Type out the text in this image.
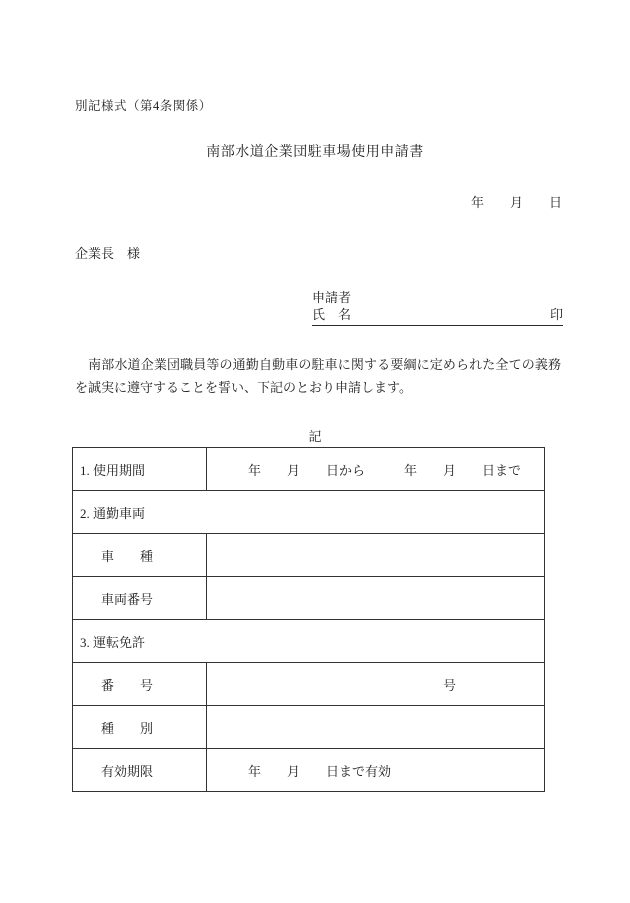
別記様式（第4条関係）
南部水道企業団駐車場使用申請書
年　　月　　日
企業長　様
申請者
氏　名	印
　南部水道企業団職員等の通勤自動車の駐車に関する要綱に定められた全ての義務を誠実に遵守することを誓い、下記のとおり申請します。
記
1. 使用期間	年　　月　　日から　　　年　　月　　日まで
2. 通勤車両	
車　　種	
車両番号	
3. 運転免許	
番　　号	号
種　　別	
有効期限	年　　月　　日まで有効
